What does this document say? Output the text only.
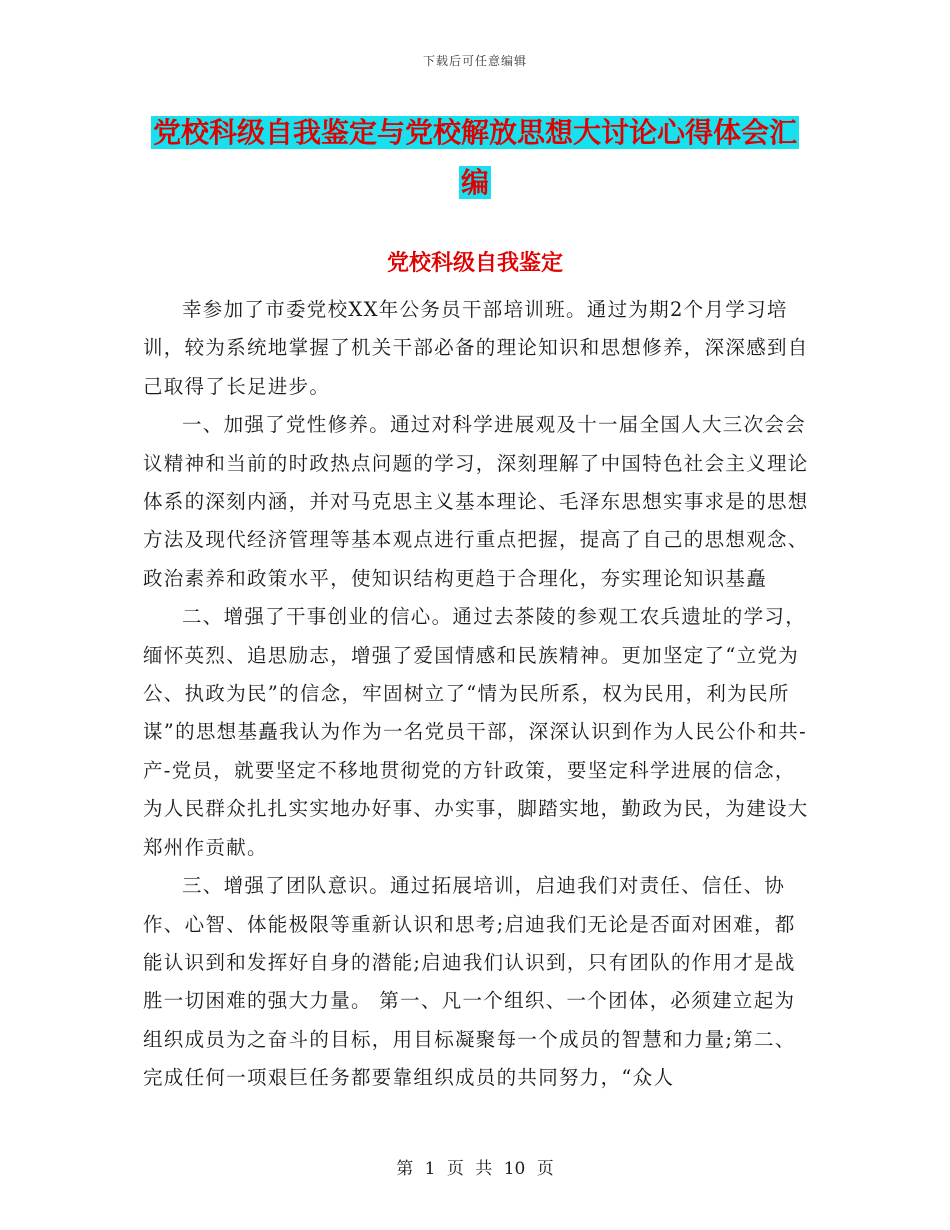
下载后可任意编辑
党校科级自我鉴定与党校解放思想大讨论心得体会汇
编
党校科级自我鉴定

幸参加了市委党校XX年公务员干部培训班。通过为期2个月学习培训，较为系统地掌握了机关干部必备的理论知识和思想修养，深深感到自己取得了长足进步。

一、加强了党性修养。通过对科学进展观及十一届全国人大三次会会议精神和当前的时政热点问题的学习，深刻理解了中国特色社会主义理论体系的深刻内涵，并对马克思主义基本理论、毛泽东思想实事求是的思想方法及现代经济管理等基本观点进行重点把握，提高了自己的思想观念、政治素养和政策水平，使知识结构更趋于合理化，夯实理论知识基矗

二、增强了干事创业的信心。通过去茶陵的参观工农兵遗址的学习，缅怀英烈、追思励志，增强了爱国情感和民族精神。更加坚定了“立党为公、执政为民”的信念，牢固树立了“情为民所系，权为民用，利为民所谋”的思想基矗我认为作为一名党员干部，深深认识到作为人民公仆和共-产-党员，就要坚定不移地贯彻党的方针政策，要坚定科学进展的信念，为人民群众扎扎实实地办好事、办实事，脚踏实地，勤政为民，为建设大郑州作贡献。

三、增强了团队意识。通过拓展培训，启迪我们对责任、信任、协作、心智、体能极限等重新认识和思考;启迪我们无论是否面对困难，都能认识到和发挥好自身的潜能;启迪我们认识到，只有团队的作用才是战胜一切困难的强大力量。 第一、凡一个组织、一个团体，必须建立起为组织成员为之奋斗的目标，用目标凝聚每一个成员的智慧和力量;第二、完成任何一项艰巨任务都要靠组织成员的共同努力，“众人

第 1 页 共 10 页
